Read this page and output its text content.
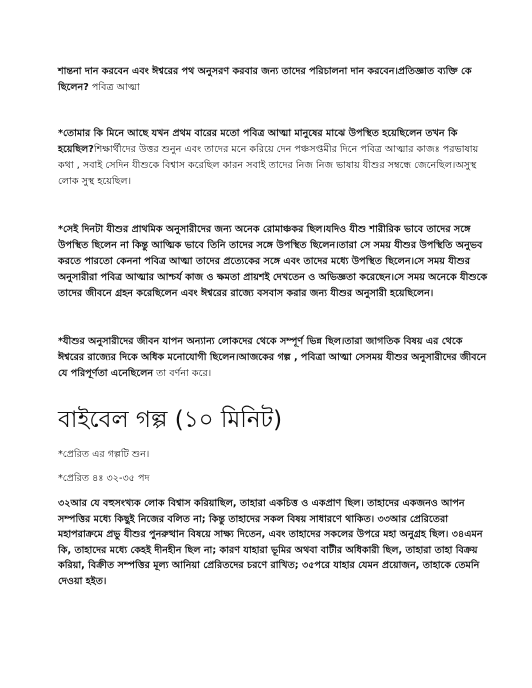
শান্তনা দান করবেন এবং ঈশ্বরের পথ অনুসরণ করবার জন্য তাদের পরিচালনা দান করবেন।প্রতিজ্ঞাত ব্যক্তি কে ছিলেন? পবিত্র আত্মা

*তোমার কি মিনে আছে যখন প্রথম বারের মতো পবিত্র আত্মা মানুষের মাঝে উপস্থিত হয়েছিলেন তখন কি হয়েছিল?শিক্ষার্থীদের উত্তর শুনুন এবং তাদের মনে করিয়ে দেন পঞ্চসপ্তমীর দিনে পবিত্র আত্মার কাজঃ পরভাষায় কথা , সবাই সেদিন যীশুকে বিশ্বাস করেছিল কারন সবাই তাদের নিজ নিজ ভাষায় যীশুর সম্বন্ধে জেনেছিল।অসুস্থ লোক সুস্থ হয়েছিল।

*সেই দিনটা যীশুর প্রাথমিক অনুসারীদের জন্য অনেক রোমাঞ্চকর ছিল।যদিও যীশু শারীরিক ভাবে তাদের সঙ্গে উপস্থিত ছিলেন না কিন্তু আত্মিক ভাবে তিনি তাদের সঙ্গে উপস্থিত ছিলেন।তারা সে সময় যীশুর উপস্থিতি অনুভব করতে পারতো কেননা পবিত্র আত্মা তাদের প্রত্যেকের সঙ্গে এবং তাদের মধ্যে উপস্থিত ছিলেন।সে সময় যীশুর অনুসারীরা পবিত্র আত্মার আশ্চর্য কাজ ও ক্ষমতা প্রায়শই দেখতেন ও অভিজ্ঞতা করেছেন।সে সময় অনেকে যীশুকে তাদের জীবনে গ্রহন করেছিলেন এবং ঈশ্বরের রাজ্যে বসবাস করার জন্য যীশুর অনুসারী হয়েছিলেন।

*যীশুর অনুসারীদের জীবন যাপন অন্যান্য লোকদের থেকে সম্পূর্ণ ভিন্ন ছিল।তারা জাগতিক বিষয় এর থেকে ঈশ্বরের রাজ্যের দিকে অধিক মনোযোগী ছিলেন।আজকের গল্প , পবিত্রা আত্মা সেসময় যীশুর অনুসারীদের জীবনে যে পরিপূর্ণতা এনেছিলেন তা বর্ণনা করে।

বাইবেল গল্প (১০ মিনিট)

*প্রেরিত এর গল্পটি শুন।

*প্রেরিত ৪ঃ ৩২-৩৫ পদ

৩২আর যে বহুসংখ্যক লোক বিশ্বাস করিয়াছিল, তাহারা একচিত্ত ও একপ্রাণ ছিল। তাহাদের একজনও আপন সম্পত্তির মধ্যে কিছুই নিজের বলিত না; কিন্তু তাহাদের সকল বিষয় সাধারণে থাকিত। ৩৩আর প্রেরিতেরা মহাপরাক্রমে প্রভু যীশুর পুনরুত্থান বিষয়ে সাক্ষ্য দিতেন, এবং তাহাদের সকলের উপরে মহা অনুগ্রহ ছিল। ৩৪এমন কি, তাহাদের মধ্যে কেহই দীনহীন ছিল না; কারণ যাহারা ভূমির অথবা বাটীর অধিকারী ছিল, তাহারা তাহা বিক্রয় করিয়া, বিক্রীত সম্পত্তির মূল্য আনিয়া প্রেরিতদের চরণে রাখিত; ৩৫পরে যাহার যেমন প্রয়োজন, তাহাকে তেমনি দেওয়া হইত।
